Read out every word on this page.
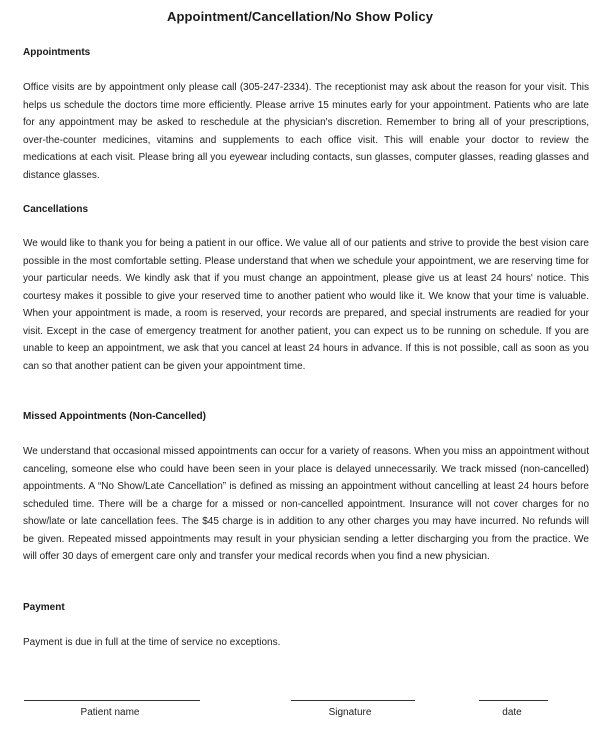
Appointment/Cancellation/No Show Policy
Appointments

Office visits are by appointment only please call (305-247-2334). The receptionist may ask about the reason for your visit. This helps us schedule the doctors time more efficiently. Please arrive 15 minutes early for your appointment. Patients who are late for any appointment may be asked to reschedule at the physician's discretion. Remember to bring all of your prescriptions, over-the-counter medicines, vitamins and supplements to each office visit. This will enable your doctor to review the medications at each visit. Please bring all you eyewear including contacts, sun glasses, computer glasses, reading glasses and distance glasses.

Cancellations

We would like to thank you for being a patient in our office. We value all of our patients and strive to provide the best vision care possible in the most comfortable setting. Please understand that when we schedule your appointment, we are reserving time for your particular needs. We kindly ask that if you must change an appointment, please give us at least 24 hours' notice. This courtesy makes it possible to give your reserved time to another patient who would like it. We know that your time is valuable. When your appointment is made, a room is reserved, your records are prepared, and special instruments are readied for your visit. Except in the case of emergency treatment for another patient, you can expect us to be running on schedule. If you are unable to keep an appointment, we ask that you cancel at least 24 hours in advance. If this is not possible, call as soon as you can so that another patient can be given your appointment time.

Missed Appointments (Non-Cancelled)

We understand that occasional missed appointments can occur for a variety of reasons. When you miss an appointment without canceling, someone else who could have been seen in your place is delayed unnecessarily. We track missed (non-cancelled) appointments. A “No Show/Late Cancellation” is defined as missing an appointment without cancelling at least 24 hours before scheduled time. There will be a charge for a missed or non-cancelled appointment. Insurance will not cover charges for no show/late or late cancellation fees. The $45 charge is in addition to any other charges you may have incurred. No refunds will be given. Repeated missed appointments may result in your physician sending a letter discharging you from the practice. We will offer 30 days of emergent care only and transfer your medical records when you find a new physician.

Payment

Payment is due in full at the time of service no exceptions.

Patient name	Signature	date
